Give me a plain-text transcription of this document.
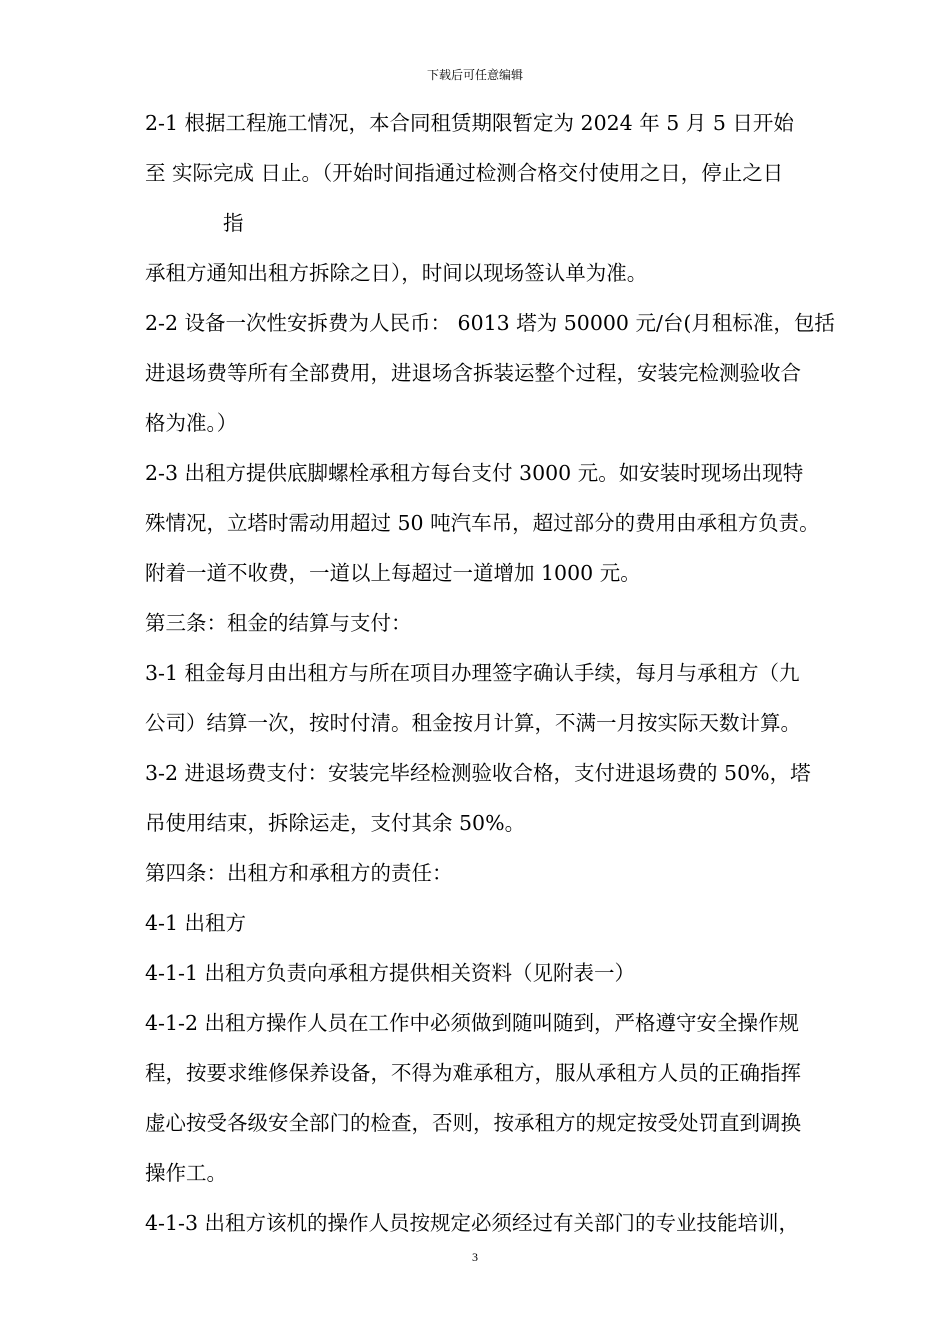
下载后可任意编辑
2-1 根据工程施工情况，本合同租赁期限暂定为 2024 年 5 月 5 日开始
至 实际完成 日止。（开始时间指通过检测合格交付使用之日，停止之日
指
承租方通知出租方拆除之日），时间以现场签认单为准。
2-2 设备一次性安拆费为人民币： 6013 塔为 50000 元/台(月租标准，包括
进退场费等所有全部费用，进退场含拆装运整个过程，安装完检测验收合
格为准。）
2-3 出租方提供底脚螺栓承租方每台支付 3000 元。如安装时现场出现特
殊情况，立塔时需动用超过 50 吨汽车吊，超过部分的费用由承租方负责。
附着一道不收费，一道以上每超过一道增加 1000 元。
第三条：租金的结算与支付：
3-1 租金每月由出租方与所在项目办理签字确认手续，每月与承租方（九
公司）结算一次，按时付清。租金按月计算，不满一月按实际天数计算。
3-2 进退场费支付：安装完毕经检测验收合格，支付进退场费的 50%，塔
吊使用结束，拆除运走，支付其余 50%。
第四条：出租方和承租方的责任：
4-1 出租方
4-1-1 出租方负责向承租方提供相关资料（见附表一）
4-1-2 出租方操作人员在工作中必须做到随叫随到，严格遵守安全操作规
程，按要求维修保养设备，不得为难承租方，服从承租方人员的正确指挥
虚心按受各级安全部门的检查，否则，按承租方的规定按受处罚直到调换
操作工。
4-1-3 出租方该机的操作人员按规定必须经过有关部门的专业技能培训，
3
